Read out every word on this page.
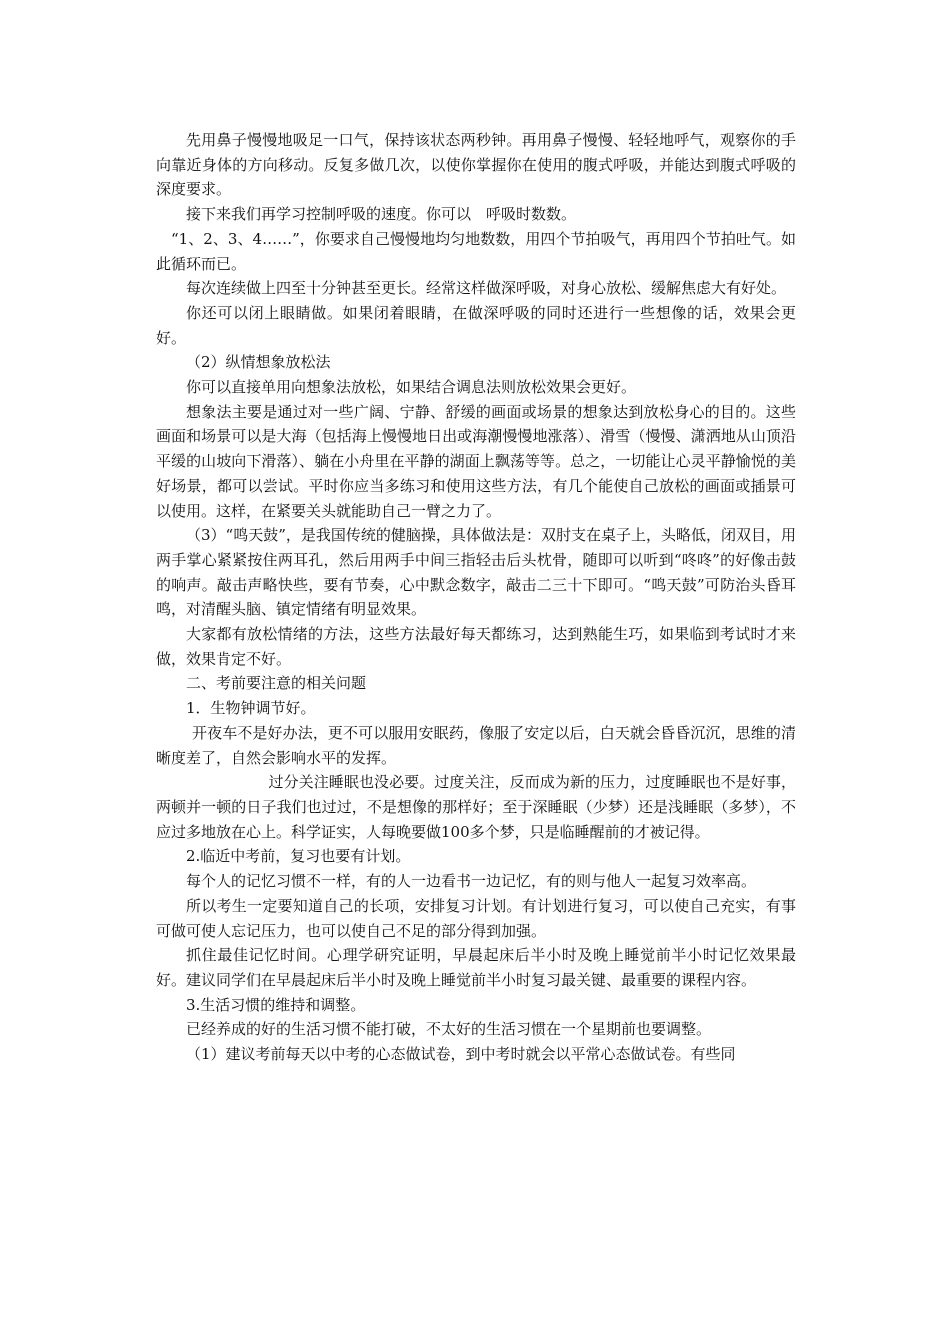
先用鼻子慢慢地吸足一口气，保持该状态两秒钟。再用鼻子慢慢、轻轻地呼气，观察你的手向靠近身体的方向移动。反复多做几次，以使你掌握你在使用的腹式呼吸，并能达到腹式呼吸的深度要求。

接下来我们再学习控制呼吸的速度。你可以　呼吸时数数。

“1、2、3、4……”，你要求自己慢慢地均匀地数数，用四个节拍吸气，再用四个节拍吐气。如此循环而已。

每次连续做上四至十分钟甚至更长。经常这样做深呼吸，对身心放松、缓解焦虑大有好处。

你还可以闭上眼睛做。如果闭着眼睛，在做深呼吸的同时还进行一些想像的话，效果会更好。

（2）纵情想象放松法

你可以直接单用向想象法放松，如果结合调息法则放松效果会更好。

想象法主要是通过对一些广阔、宁静、舒缓的画面或场景的想象达到放松身心的目的。这些画面和场景可以是大海（包括海上慢慢地日出或海潮慢慢地涨落）、滑雪（慢慢、潇洒地从山顶沿平缓的山坡向下滑落）、躺在小舟里在平静的湖面上飘荡等等。总之，一切能让心灵平静愉悦的美好场景，都可以尝试。平时你应当多练习和使用这些方法，有几个能使自己放松的画面或插景可以使用。这样，在紧要关头就能助自己一臂之力了。

（3）“鸣天鼓”，是我国传统的健脑操，具体做法是：双肘支在桌子上，头略低，闭双目，用两手掌心紧紧按住两耳孔，然后用两手中间三指轻击后头枕骨，随即可以听到“咚咚”的好像击鼓的响声。敲击声略快些，要有节奏，心中默念数字，敲击二三十下即可。“鸣天鼓”可防治头昏耳鸣，对清醒头脑、镇定情绪有明显效果。

大家都有放松情绪的方法，这些方法最好每天都练习，达到熟能生巧，如果临到考试时才来做，效果肯定不好。

二、考前要注意的相关问题

1．生物钟调节好。

开夜车不是好办法，更不可以服用安眠药，像服了安定以后，白天就会昏昏沉沉，思维的清晰度差了，自然会影响水平的发挥。

过分关注睡眠也没必要。过度关注，反而成为新的压力，过度睡眠也不是好事，两顿并一顿的日子我们也过过，不是想像的那样好；至于深睡眠（少梦）还是浅睡眠（多梦），不应过多地放在心上。科学证实，人每晚要做100多个梦，只是临睡醒前的才被记得。

2.临近中考前，复习也要有计划。

每个人的记忆习惯不一样，有的人一边看书一边记忆，有的则与他人一起复习效率高。

所以考生一定要知道自己的长项，安排复习计划。有计划进行复习，可以使自己充实，有事可做可使人忘记压力，也可以使自己不足的部分得到加强。

抓住最佳记忆时间。心理学研究证明，早晨起床后半小时及晚上睡觉前半小时记忆效果最好。建议同学们在早晨起床后半小时及晚上睡觉前半小时复习最关键、最重要的课程内容。

3.生活习惯的维持和调整。

已经养成的好的生活习惯不能打破，不太好的生活习惯在一个星期前也要调整。

（1）建议考前每天以中考的心态做试卷，到中考时就会以平常心态做试卷。有些同
